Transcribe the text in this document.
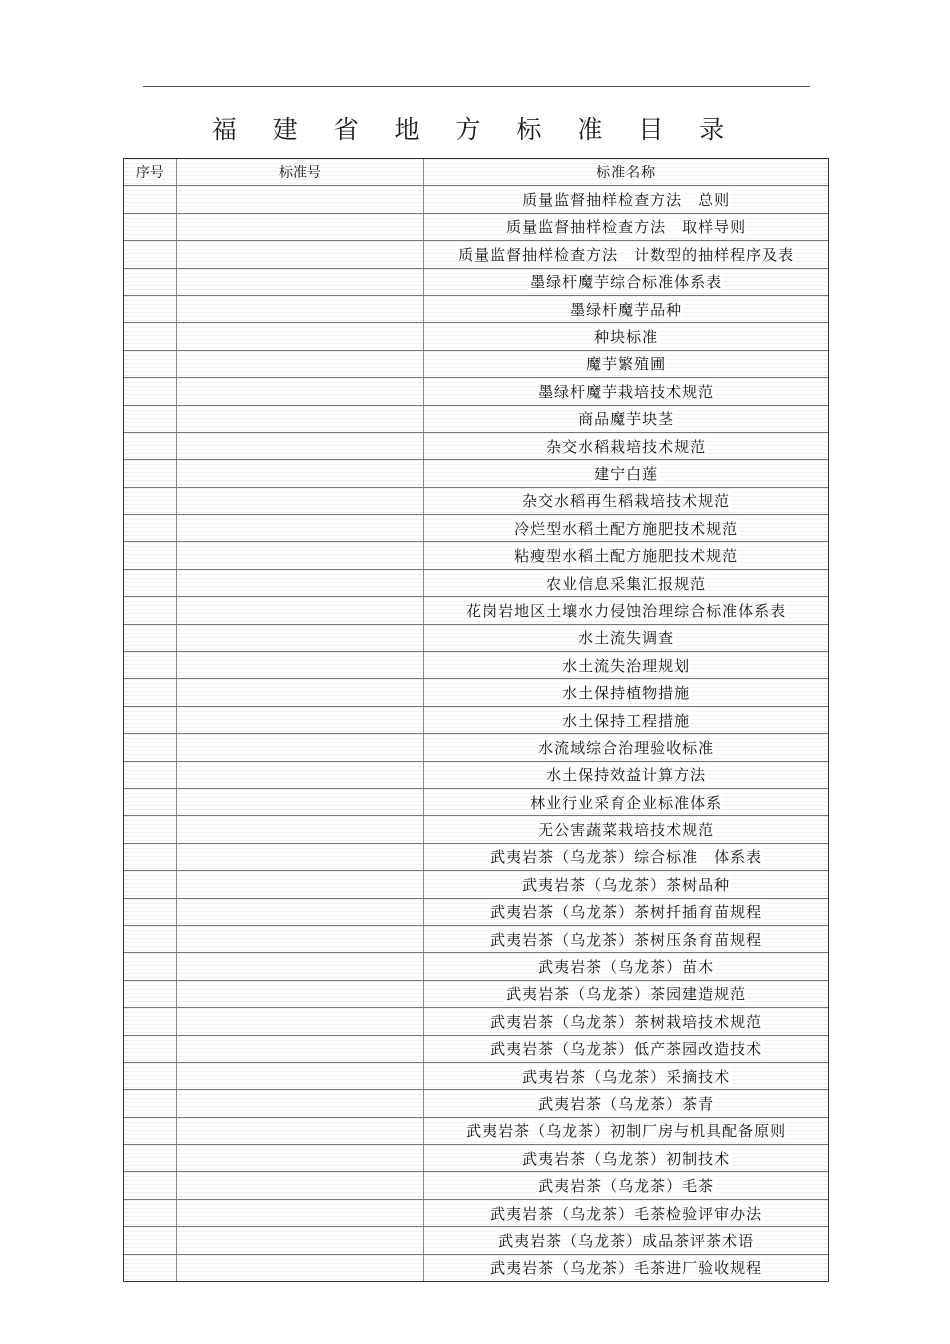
福 建 省 地 方 标 准 目 录
序号	标准号	标准名称
质量监督抽样检查方法　总则
质量监督抽样检查方法　取样导则
质量监督抽样检查方法　计数型的抽样程序及表
墨绿杆魔芋综合标准体系表
墨绿杆魔芋品种
种块标准
魔芋繁殖圃
墨绿杆魔芋栽培技术规范
商品魔芋块茎
杂交水稻栽培技术规范
建宁白莲
杂交水稻再生稻栽培技术规范
冷烂型水稻土配方施肥技术规范
粘瘦型水稻土配方施肥技术规范
农业信息采集汇报规范
花岗岩地区土壤水力侵蚀治理综合标准体系表
水土流失调查
水土流失治理规划
水土保持植物措施
水土保持工程措施
水流域综合治理验收标准
水土保持效益计算方法
林业行业采育企业标准体系
无公害蔬菜栽培技术规范
武夷岩茶（乌龙茶）综合标准　体系表
武夷岩茶（乌龙茶）茶树品种
武夷岩茶（乌龙茶）茶树扦插育苗规程
武夷岩茶（乌龙茶）茶树压条育苗规程
武夷岩茶（乌龙茶）苗木
武夷岩茶（乌龙茶）茶园建造规范
武夷岩茶（乌龙茶）茶树栽培技术规范
武夷岩茶（乌龙茶）低产茶园改造技术
武夷岩茶（乌龙茶）采摘技术
武夷岩茶（乌龙茶）茶青
武夷岩茶（乌龙茶）初制厂房与机具配备原则
武夷岩茶（乌龙茶）初制技术
武夷岩茶（乌龙茶）毛茶
武夷岩茶（乌龙茶）毛茶检验评审办法
武夷岩茶（乌龙茶）成品茶评茶术语
武夷岩茶（乌龙茶）毛茶进厂验收规程
